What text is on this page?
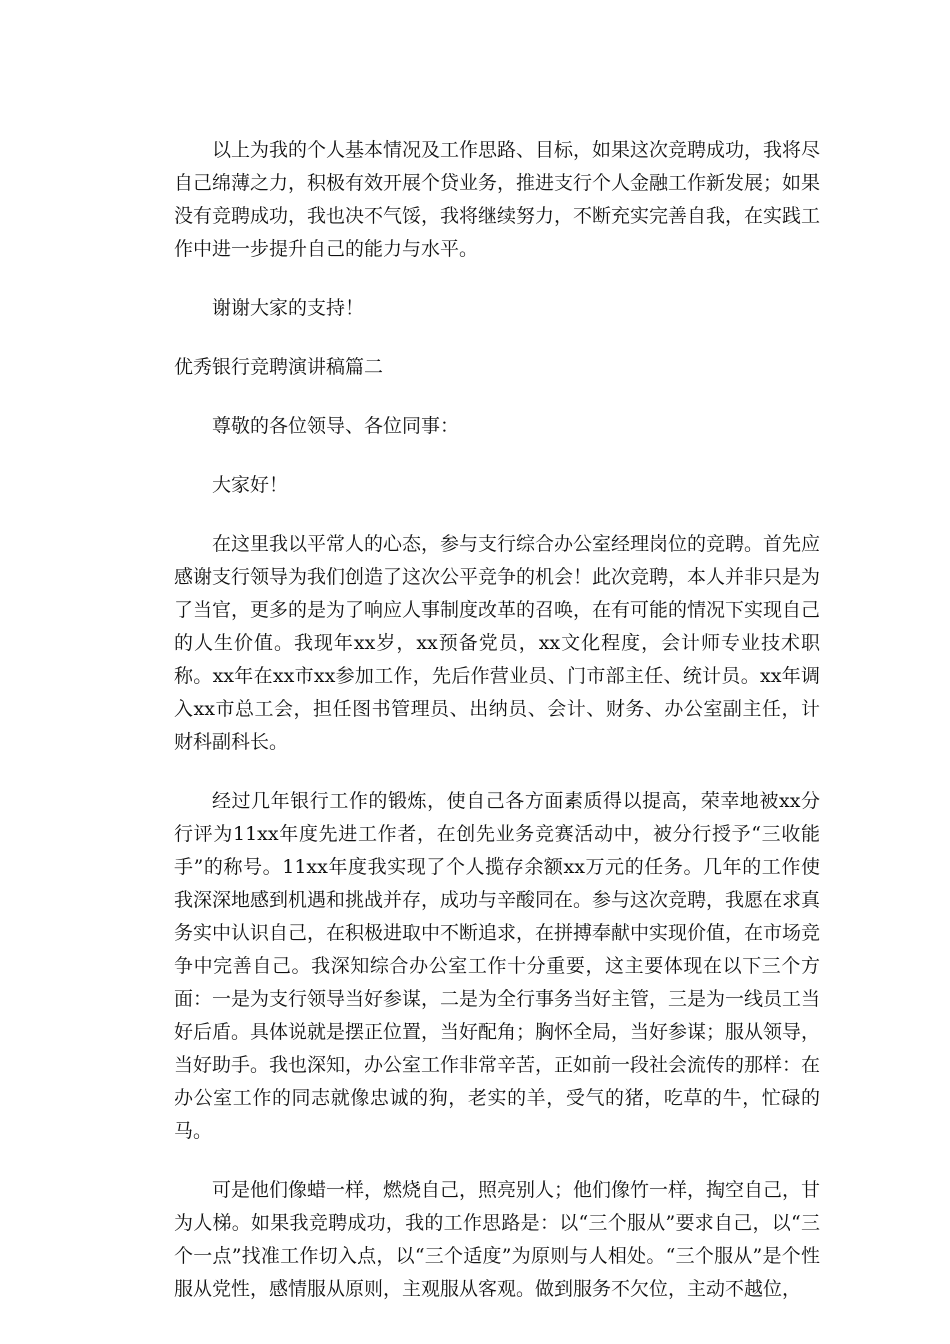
以上为我的个人基本情况及工作思路、目标，如果这次竞聘成功，我将尽自己绵薄之力，积极有效开展个贷业务，推进支行个人金融工作新发展；如果没有竞聘成功，我也决不气馁，我将继续努力，不断充实完善自我，在实践工作中进一步提升自己的能力与水平。

谢谢大家的支持！

优秀银行竞聘演讲稿篇二

尊敬的各位领导、各位同事：

大家好！

在这里我以平常人的心态，参与支行综合办公室经理岗位的竞聘。首先应感谢支行领导为我们创造了这次公平竞争的机会！此次竞聘，本人并非只是为了当官，更多的是为了响应人事制度改革的召唤，在有可能的情况下实现自己的人生价值。我现年xx岁，xx预备党员，xx文化程度，会计师专业技术职称。xx年在xx市xx参加工作，先后作营业员、门市部主任、统计员。xx年调入xx市总工会，担任图书管理员、出纳员、会计、财务、办公室副主任，计财科副科长。

经过几年银行工作的锻炼，使自己各方面素质得以提高，荣幸地被xx分行评为11xx年度先进工作者，在创先业务竞赛活动中，被分行授予“三收能手”的称号。11xx年度我实现了个人揽存余额xx万元的任务。几年的工作使我深深地感到机遇和挑战并存，成功与辛酸同在。参与这次竞聘，我愿在求真务实中认识自己，在积极进取中不断追求，在拼搏奉献中实现价值，在市场竞争中完善自己。我深知综合办公室工作十分重要，这主要体现在以下三个方面：一是为支行领导当好参谋，二是为全行事务当好主管，三是为一线员工当好后盾。具体说就是摆正位置，当好配角；胸怀全局，当好参谋；服从领导，当好助手。我也深知，办公室工作非常辛苦，正如前一段社会流传的那样：在办公室工作的同志就像忠诚的狗，老实的羊，受气的猪，吃草的牛，忙碌的马。

可是他们像蜡一样，燃烧自己，照亮别人；他们像竹一样，掏空自己，甘为人梯。如果我竞聘成功，我的工作思路是：以“三个服从”要求自己，以“三个一点”找准工作切入点，以“三个适度”为原则与人相处。“三个服从”是个性服从党性，感情服从原则，主观服从客观。做到服务不欠位，主动不越位，
